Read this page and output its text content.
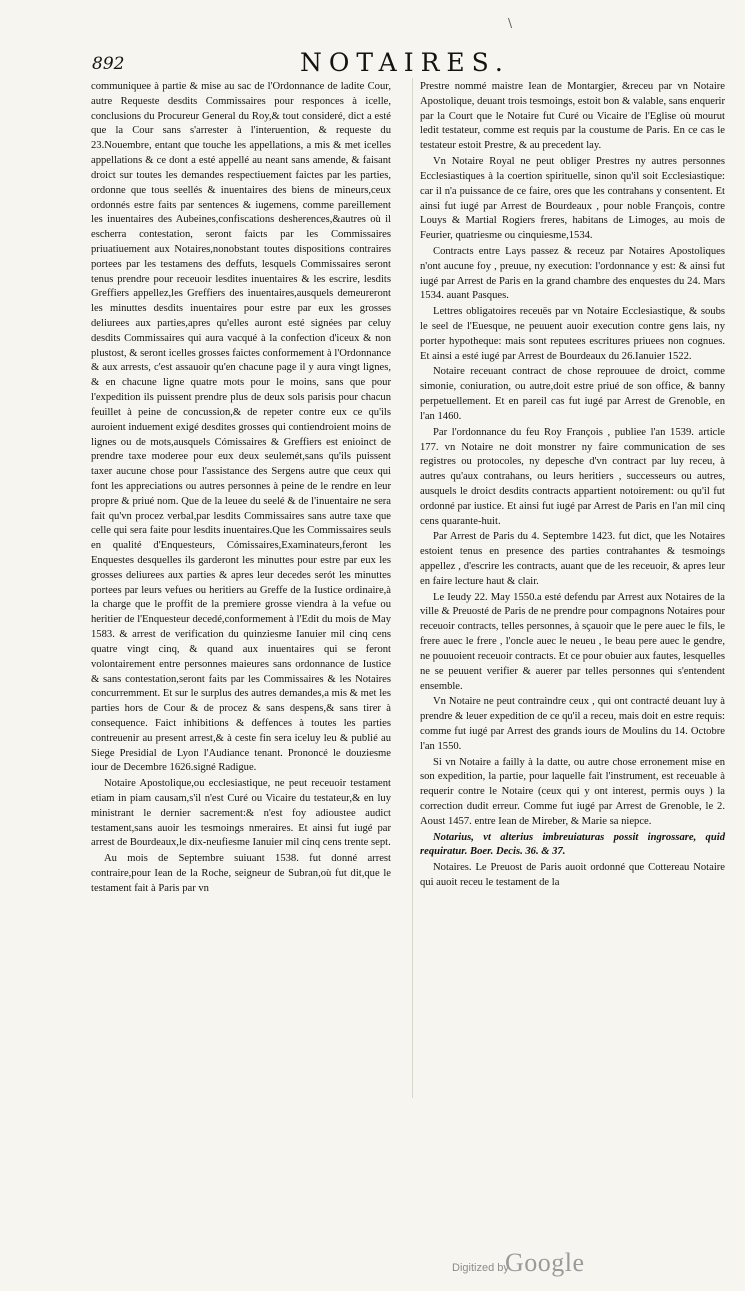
\
892	NOTAIRES.

communiquee à partie & mise au sac de l'Ordonnance de ladite Cour, autre Requeste desdits Commissaires pour responces à icelle, conclusions du Procureur General du Roy,& tout consideré, dict a esté que la Cour sans s'arrester à l'interuention, & requeste du 23.Nouembre, entant que touche les appellations, a mis & met icelles appellations & ce dont a esté appellé au neant sans amende, & faisant droict sur toutes les demandes respectiuement faictes par les parties, ordonne que tous seellés & inuentaires des biens de mineurs,ceux ordonnés estre faits par sentences & iugemens, comme pareillement les inuentaires des Aubeines,confiscations desherences,&autres où il escherra contestation, seront faicts par les Commissaires priuatiuement aux Notaires,nonobstant toutes dispositions contraires portees par les testamens des deffuts, lesquels Commissaires seront tenus prendre pour receuoir lesdites inuentaires & les escrire, lesdits Greffiers appellez,les Greffiers des inuentaires,ausquels demeureront les minuttes desdits inuentaires pour estre par eux les grosses deliurees aux parties,apres qu'elles auront esté signées par celuy desdits Commissaires qui aura vacqué à la confection d'iceux & non plustost, & seront icelles grosses faictes conformement à l'Ordonnance & aux arrests, c'est assauoir qu'en chacune page il y aura vingt lignes, & en chacune ligne quatre mots pour le moins, sans que pour l'expedition ils puissent prendre plus de deux sols parisis pour chacun feuillet à peine de concussion,& de repeter contre eux ce qu'ils auroient induement exigé desdites grosses qui contiendroient moins de lignes ou de mots,ausquels Cómissaires & Greffiers est enioinct de prendre taxe moderee pour eux deux seulemét,sans qu'ils puissent taxer aucune chose pour l'assistance des Sergens autre que ceux qui font les appreciations ou autres personnes à peine de le rendre en leur propre & priué nom. Que de la leuee du seelé & de l'inuentaire ne sera fait qu'vn procez verbal,par lesdits Commissaires sans autre taxe que celle qui sera faite pour lesdits inuentaires.Que les Commissaires seuls en qualité d'Enquesteurs, Cómissaires,Examinateurs,feront les Enquestes desquelles ils garderont les minuttes pour estre par eux les grosses deliurees aux parties & apres leur decedes serót les minuttes portees par leurs vefues ou heritiers au Greffe de la Iustice ordinaire,à la charge que le proffit de la premiere grosse viendra à la vefue ou heritier de l'Enquesteur decedé,conformement à l'Edit du mois de May 1583. & arrest de verification du quinziesme Ianuier mil cinq cens quatre vingt cinq, & quand aux inuentaires qui se feront volontairement entre personnes maieures sans ordonnance de Iustice & sans contestation,seront faits par les Commissaires & les Notaires concurremment. Et sur le surplus des autres demandes,a mis & met les parties hors de Cour & de procez & sans despens,& sans tirer à consequence. Faict inhibitions & deffences à toutes les parties contreuenir au present arrest,& à ceste fin sera iceluy leu & publié au Siege Presidial de Lyon l'Audiance tenant. Prononcé le douziesme iour de Decembre 1626.signé Radigue.

Notaire Apostolique,ou ecclesiastique, ne peut receuoir testament etiam in piam causam,s'il n'est Curé ou Vicaire du testateur,& en luy ministrant le dernier sacrement:& n'est foy adioustee audict testament,sans auoir les tesmoings nmeraires. Et ainsi fut iugé par arrest de Bourdeaux,le dix-neufiesme Ianuier mil cinq cens trente sept.

Au mois de Septembre suiuant 1538. fut donné arrest contraire,pour Iean de la Roche, seigneur de Subran,où fut dit,que le testament fait à Paris par vn

Prestre nommé maistre Iean de Montargier, &receu par vn Notaire Apostolique, deuant trois tesmoings, estoit bon & valable, sans enquerir par la Court que le Notaire fut Curé ou Vicaire de l'Eglise où mourut ledit testateur, comme est requis par la coustume de Paris. En ce cas le testateur estoit Prestre, & au precedent lay.

Vn Notaire Royal ne peut obliger Prestres ny autres personnes Ecclesiastiques à la coertion spirituelle, sinon qu'il soit Ecclesiastique: car il n'a puissance de ce faire, ores que les contrahans y consentent. Et ainsi fut iugé par Arrest de Bourdeaux , pour noble François, contre Louys & Martial Rogiers freres, habitans de Limoges, au mois de Feurier, quatriesme ou cinquiesme,1534.

Contracts entre Lays passez & receuz par Notaires Apostoliques n'ont aucune foy , preuue, ny execution: l'ordonnance y est: & ainsi fut iugé par Arrest de Paris en la grand chambre des enquestes du 24. Mars 1534. auant Pasques.

Lettres obligatoires receuës par vn Notaire Ecclesiastique, & soubs le seel de l'Euesque, ne peuuent auoir execution contre gens lais, ny porter hypotheque: mais sont reputees escritures priuees non cognues. Et ainsi a esté iugé par Arrest de Bourdeaux du 26.Ianuier 1522.

Notaire receuant contract de chose reprouuee de droict, comme simonie, coniuration, ou autre,doit estre priué de son office, & banny perpetuellement. Et en pareil cas fut iugé par Arrest de Grenoble, en l'an 1460.

Par l'ordonnance du feu Roy François , publiee l'an 1539. article 177. vn Notaire ne doit monstrer ny faire communication de ses registres ou protocoles, ny depesche d'vn contract par luy receu, à autres qu'aux contrahans, ou leurs heritiers , successeurs ou autres, ausquels le droict desdits contracts appartient notoirement: ou qu'il fut ordonné par iustice. Et ainsi fut iugé par Arrest de Paris en l'an mil cinq cens quarante-huit.

Par Arrest de Paris du 4. Septembre 1423. fut dict, que les Notaires estoient tenus en presence des parties contrahantes & tesmoings appellez , d'escrire les contracts, auant que de les receuoir, & apres leur en faire lecture haut & clair.

Le Ieudy 22. May 1550.a esté defendu par Arrest aux Notaires de la ville & Preuosté de Paris de ne prendre pour compagnons Notaires pour receuoir contracts, telles personnes, à sçauoir que le pere auec le fils, le frere auec le frere , l'oncle auec le neueu , le beau pere auec le gendre, ne pouuoient receuoir contracts. Et ce pour obuier aux fautes, lesquelles ne se peuuent verifier & auerer par telles personnes qui s'entendent ensemble.

Vn Notaire ne peut contraindre ceux , qui ont contracté deuant luy à prendre & leuer expedition de ce qu'il a receu, mais doit en estre requis: comme fut iugé par Arrest des grands iours de Moulins du 14. Octobre l'an 1550.

Si vn Notaire a failly à la datte, ou autre chose erronement mise en son expedition, la partie, pour laquelle fait l'instrument, est receuable à requerir contre le Notaire (ceux qui y ont interest, permis ouys ) la correction dudit erreur. Comme fut iugé par Arrest de Grenoble, le 2. Aoust 1457. entre Iean de Mireber, & Marie sa niepce.

Notarius, vt alterius imbreuiaturas possit ingrossare, quid requiratur. Boer. Decis. 36. & 37.

Notaires. Le Preuost de Paris auoit ordonné que Cottereau Notaire qui auoit receu le testament de la

Digitized by
Google
